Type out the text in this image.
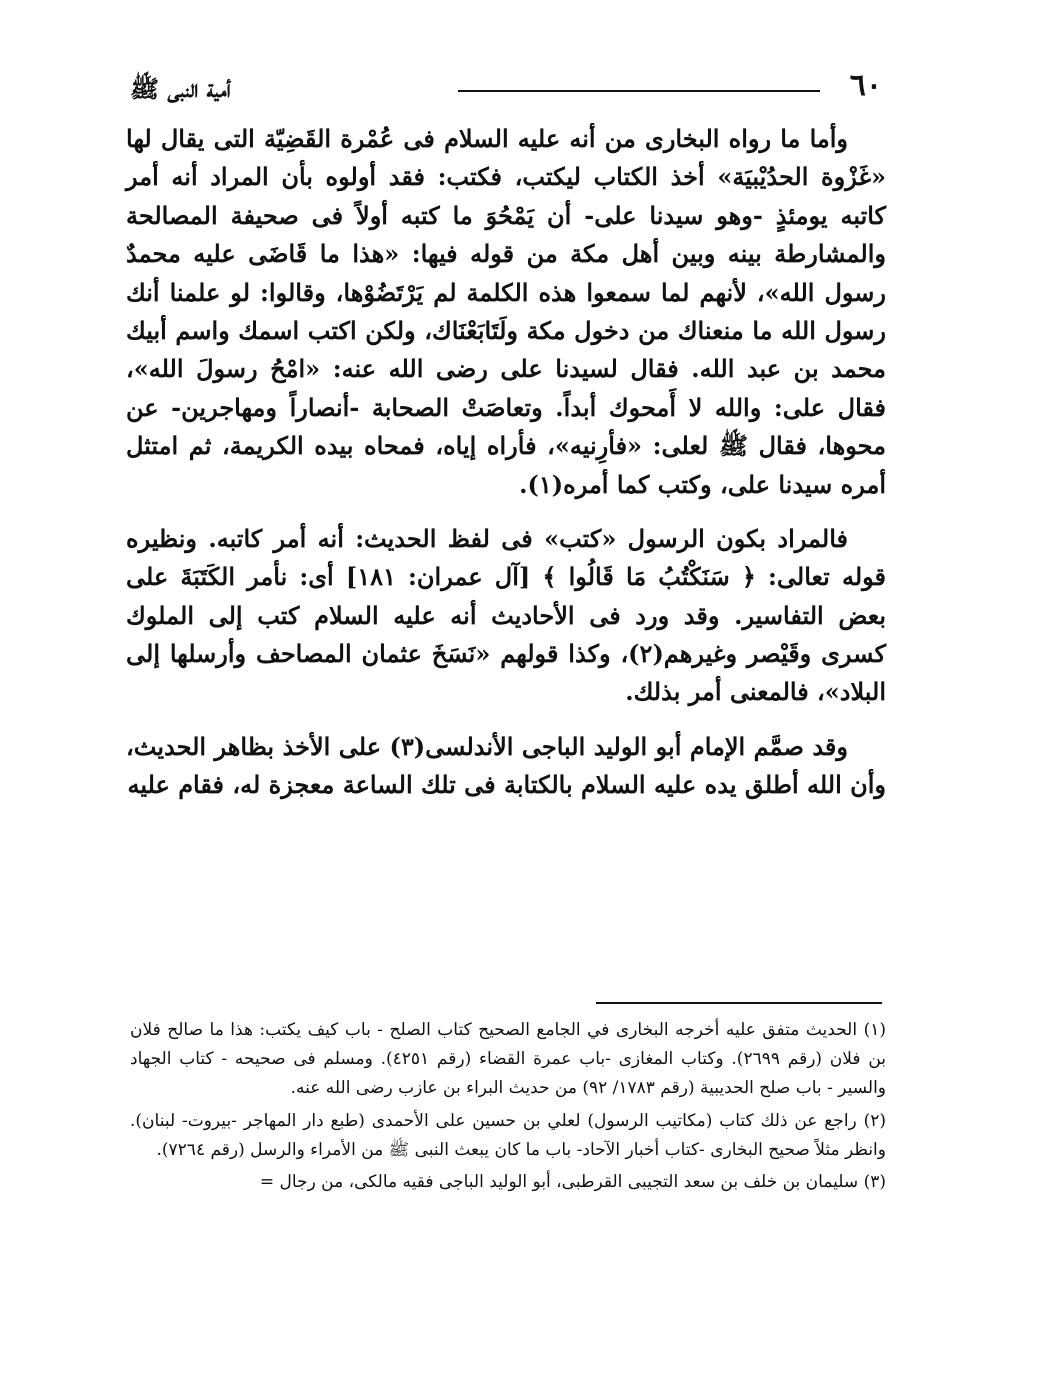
٦٠
أمية النبى ﷺ

وأما ما رواه البخارى من أنه عليه السلام فى عُمْرة القَضِيّة التى يقال لها «غَزْوة الحدُيْبيَة» أخذ الكتاب ليكتب، فكتب: فقد أولوه بأن المراد أنه أمر كاتبه يومئذٍ -وهو سيدنا على- أن يَمْحُوَ ما كتبه أولاً فى صحيفة المصالحة والمشارطة بينه وبين أهل مكة من قوله فيها: «هذا ما قَاضَى عليه محمدٌ رسول الله»، لأنهم لما سمعوا هذه الكلمة لم يَرْتَضُوْها، وقالوا: لو علمنا أنك رسول الله ما منعناك من دخول مكة ولَتَابَعْنَاك، ولكن اكتب اسمك واسم أبيك محمد بن عبد الله. فقال لسيدنا على رضى الله عنه: «امْحُ رسولَ الله»، فقال على: والله لا أَمحوك أبداً. وتعاصَتْ الصحابة -أنصاراً ومهاجرين- عن محوها، فقال ﷺ لعلى: «فأرِنيه»، فأراه إياه، فمحاه بيده الكريمة، ثم امتثل أمره سيدنا على، وكتب كما أمره(١).

فالمراد بكون الرسول «كتب» فى لفظ الحديث: أنه أمر كاتبه. ونظيره قوله تعالى: ﴿ سَنَكْتُبُ مَا قَالُوا ﴾ [آل عمران: ١٨١] أى: نأمر الكَتَبَةَ على بعض التفاسير. وقد ورد فى الأحاديث أنه عليه السلام كتب إلى الملوك كسرى وقَيْصر وغيرهم(٢)، وكذا قولهم «نَسَخَ عثمان المصاحف وأرسلها إلى البلاد»، فالمعنى أمر بذلك.

وقد صمَّم الإمام أبو الوليد الباجى الأندلسى(٣) على الأخذ بظاهر الحديث، وأن الله أطلق يده عليه السلام بالكتابة فى تلك الساعة معجزة له، فقام عليه

(١) الحديث متفق عليه أخرجه البخارى في الجامع الصحيح كتاب الصلح - باب كيف يكتب: هذا ما صالح فلان بن فلان (رقم ٢٦٩٩). وكتاب المغازى -باب عمرة القضاء (رقم ٤٢٥١). ومسلم فى صحيحه - كتاب الجهاد والسير - باب صلح الحديبية (رقم ١٧٨٣/ ٩٢) من حديث البراء بن عازب رضى الله عنه.

(٢) راجع عن ذلك كتاب (مكاتيب الرسول) لعلي بن حسين على الأحمدى (طبع دار المهاجر -بيروت- لبنان). وانظر مثلاً صحيح البخارى -كتاب أخبار الآحاد- باب ما كان يبعث النبى ﷺ من الأمراء والرسل (رقم ٧٢٦٤).

(٣) سليمان بن خلف بن سعد التجيبى القرطبى، أبو الوليد الباجى فقيه مالكى، من رجال =
